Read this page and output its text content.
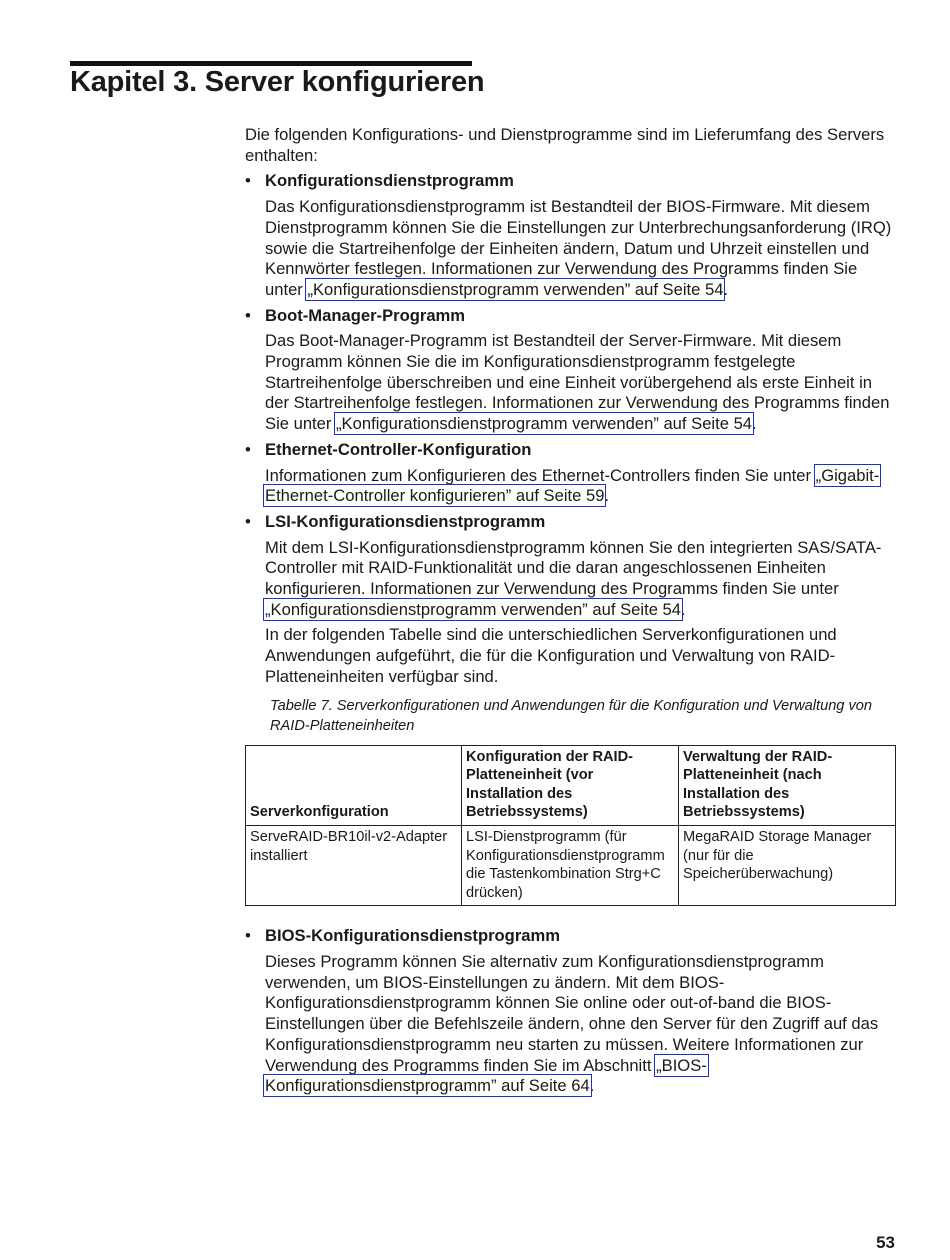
Kapitel 3. Server konfigurieren

Die folgenden Konfigurations- und Dienstprogramme sind im Lieferumfang des Servers enthalten:

• Konfigurationsdienstprogramm

Das Konfigurationsdienstprogramm ist Bestandteil der BIOS-Firmware. Mit diesem Dienstprogramm können Sie die Einstellungen zur Unterbrechungsanforderung (IRQ) sowie die Startreihenfolge der Einheiten ändern, Datum und Uhrzeit einstellen und Kennwörter festlegen. Informationen zur Verwendung des Programms finden Sie unter „Konfigurationsdienstprogramm verwenden” auf Seite 54.

• Boot-Manager-Programm

Das Boot-Manager-Programm ist Bestandteil der Server-Firmware. Mit diesem Programm können Sie die im Konfigurationsdienstprogramm festgelegte Startreihenfolge überschreiben und eine Einheit vorübergehend als erste Einheit in der Startreihenfolge festlegen. Informationen zur Verwendung des Programms finden Sie unter „Konfigurationsdienstprogramm verwenden” auf Seite 54.

• Ethernet-Controller-Konfiguration

Informationen zum Konfigurieren des Ethernet-Controllers finden Sie unter „Gigabit-Ethernet-Controller konfigurieren” auf Seite 59.

• LSI-Konfigurationsdienstprogramm

Mit dem LSI-Konfigurationsdienstprogramm können Sie den integrierten SAS/SATA-Controller mit RAID-Funktionalität und die daran angeschlossenen Einheiten konfigurieren. Informationen zur Verwendung des Programms finden Sie unter „Konfigurationsdienstprogramm verwenden” auf Seite 54.

In der folgenden Tabelle sind die unterschiedlichen Serverkonfigurationen und Anwendungen aufgeführt, die für die Konfiguration und Verwaltung von RAID-Platteneinheiten verfügbar sind.

Tabelle 7. Serverkonfigurationen und Anwendungen für die Konfiguration und Verwaltung von RAID-Platteneinheiten

Serverkonfiguration	Konfiguration der RAID-Platteneinheit (vor Installation des Betriebssystems)	Verwaltung der RAID-Platteneinheit (nach Installation des Betriebssystems)
ServeRAID-BR10il-v2-Adapter installiert	LSI-Dienstprogramm (für Konfigurationsdienstprogramm die Tastenkombination Strg+C drücken)	MegaRAID Storage Manager (nur für die Speicherüberwachung)
• BIOS-Konfigurationsdienstprogramm

Dieses Programm können Sie alternativ zum Konfigurationsdienstprogramm verwenden, um BIOS-Einstellungen zu ändern. Mit dem BIOS-Konfigurationsdienstprogramm können Sie online oder out-of-band die BIOS-Einstellungen über die Befehlszeile ändern, ohne den Server für den Zugriff auf das Konfigurationsdienstprogramm neu starten zu müssen. Weitere Informationen zur Verwendung des Programms finden Sie im Abschnitt „BIOS-Konfigurationsdienstprogramm” auf Seite 64.

53
